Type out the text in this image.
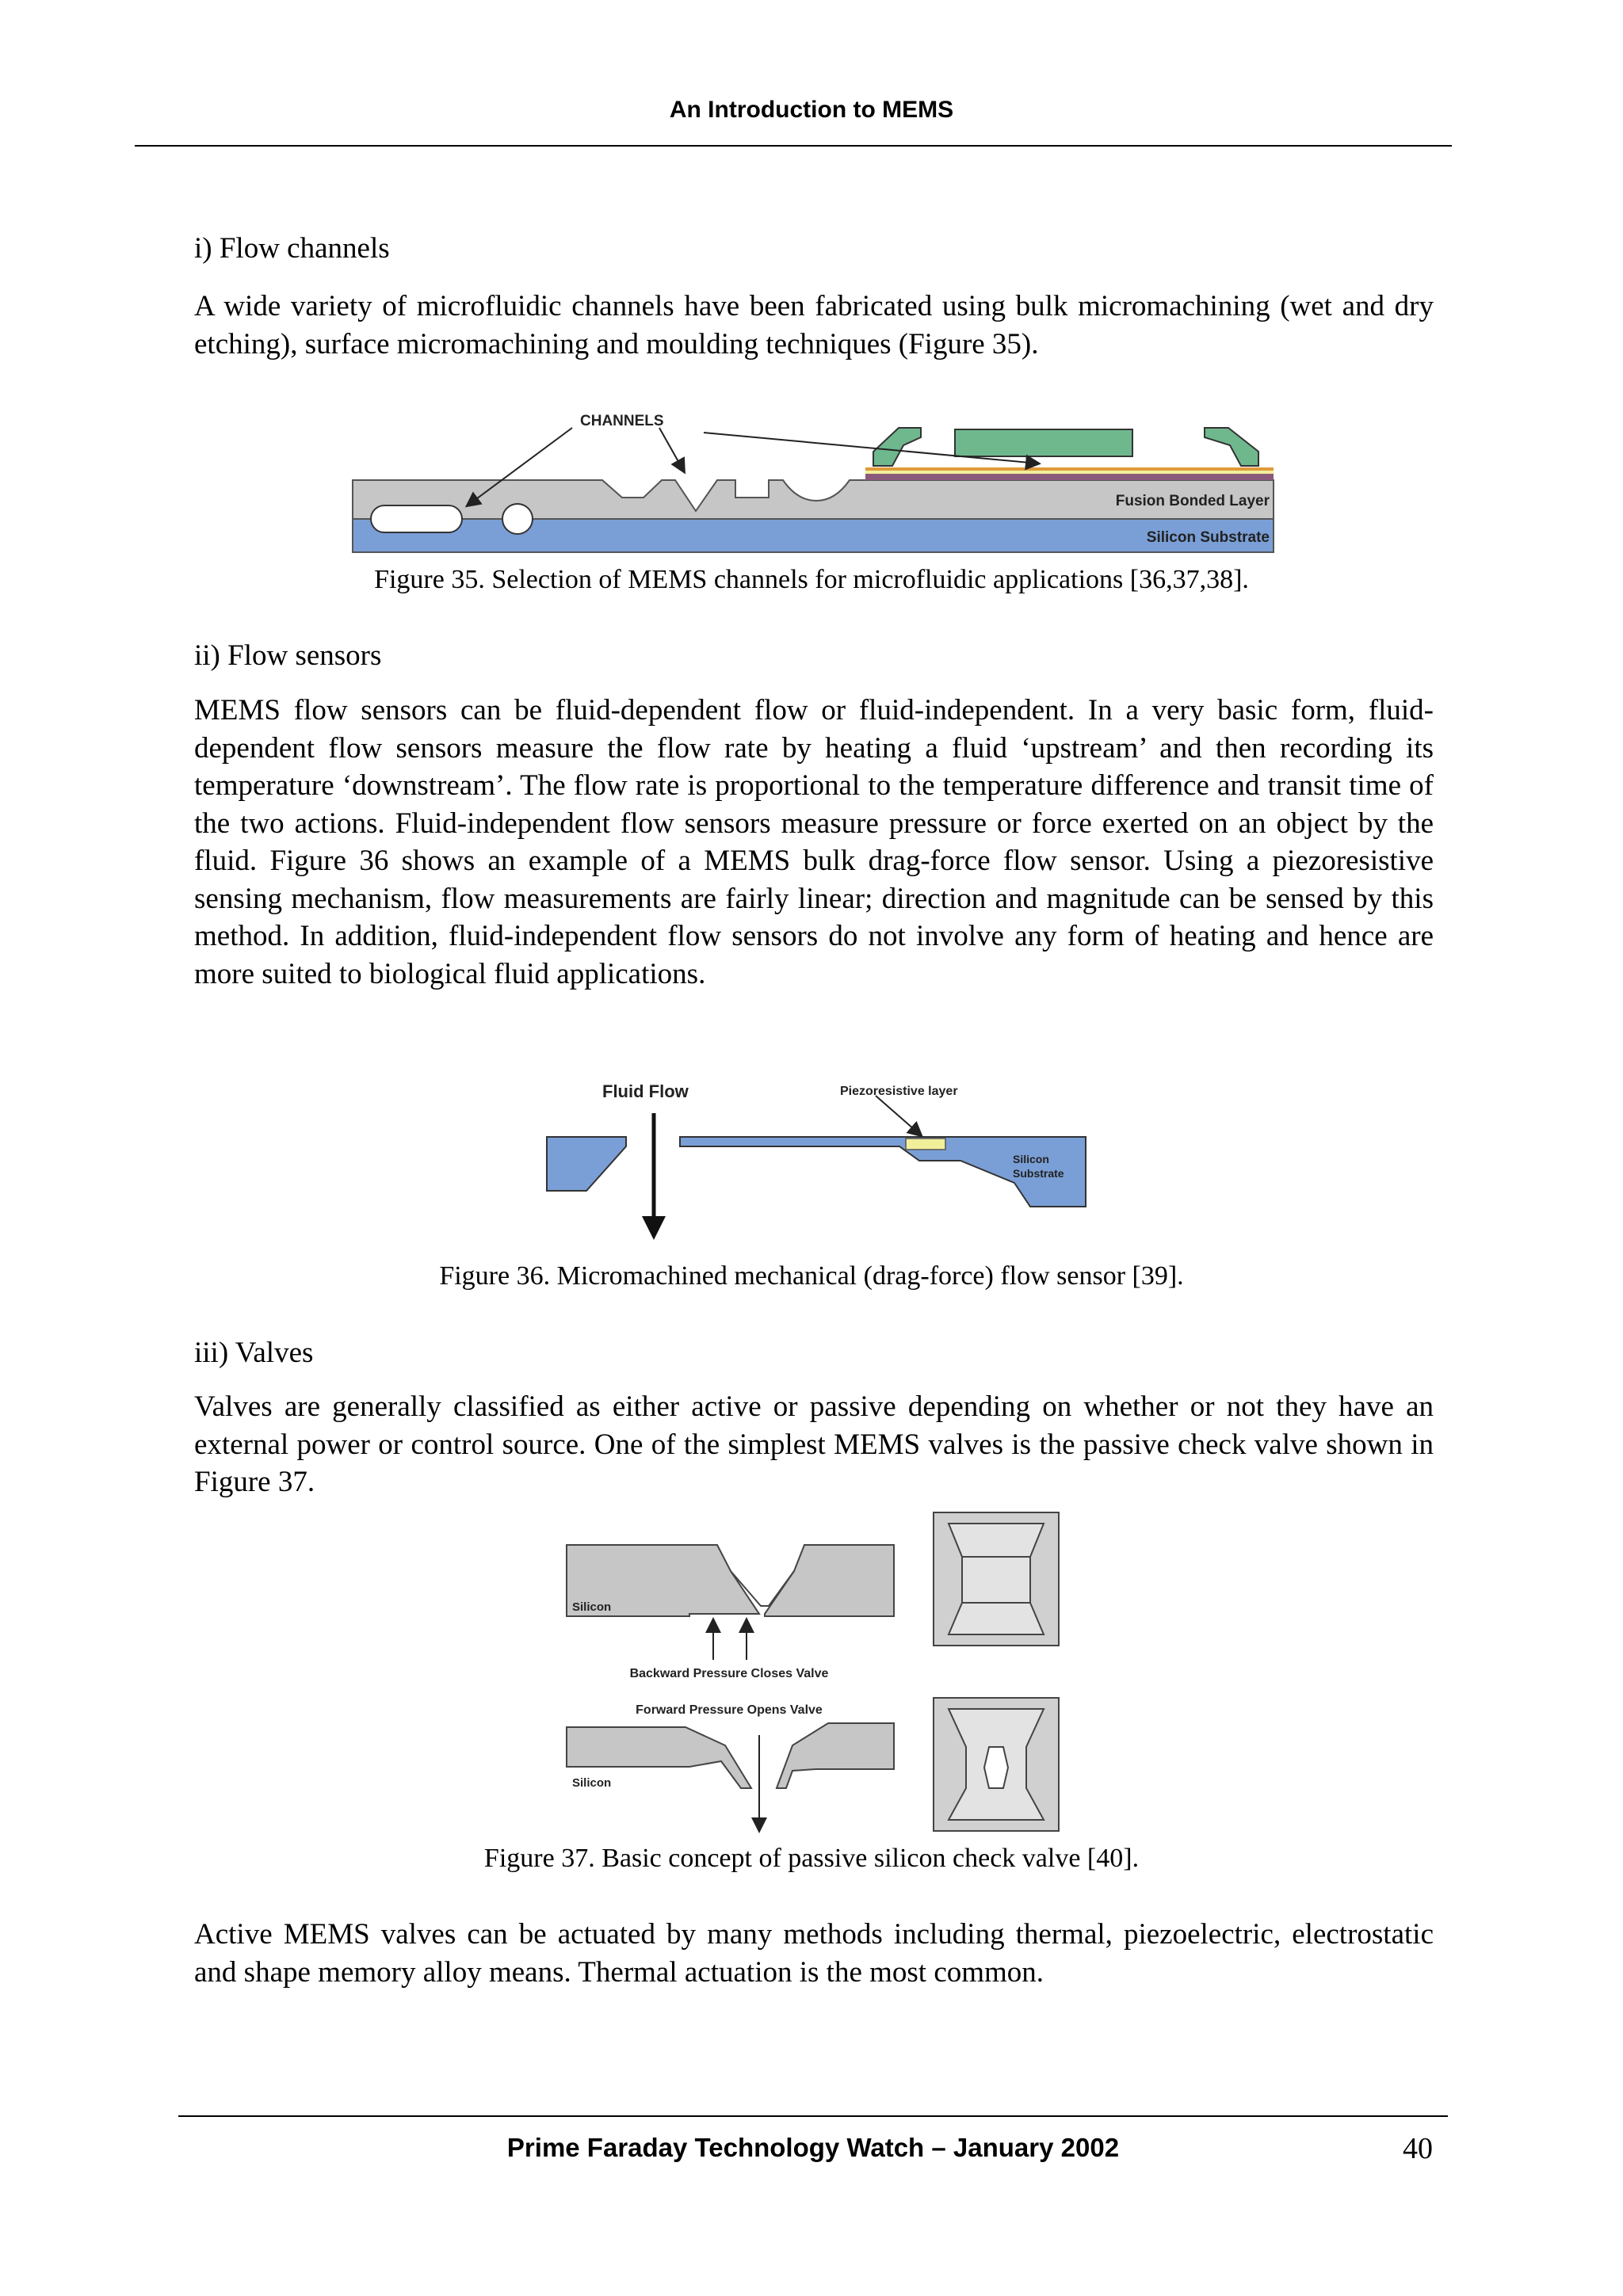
An Introduction to MEMS
i) Flow channels
A wide variety of microfluidic channels have been fabricated using bulk micromachining (wet and dry etching), surface micromachining and moulding techniques (Figure 35).
CHANNELS
Fusion Bonded Layer
Silicon Substrate
Figure 35. Selection of MEMS channels for microfluidic applications [36,37,38].
ii) Flow sensors
MEMS flow sensors can be fluid-dependent flow or fluid-independent. In a very basic form, fluid-dependent flow sensors measure the flow rate by heating a fluid ‘upstream’ and then recording its temperature ‘downstream’. The flow rate is proportional to the temperature difference and transit time of the two actions. Fluid-independent flow sensors measure pressure or force exerted on an object by the fluid. Figure 36 shows an example of a MEMS bulk drag-force flow sensor. Using a piezoresistive sensing mechanism, flow measurements are fairly linear; direction and magnitude can be sensed by this method. In addition, fluid-independent flow sensors do not involve any form of heating and hence are more suited to biological fluid applications.
Fluid Flow	Piezoresistive layer
Silicon
Substrate
Figure 36. Micromachined mechanical (drag-force) flow sensor [39].
iii) Valves
Valves are generally classified as either active or passive depending on whether or not they have an external power or control source. One of the simplest MEMS valves is the passive check valve shown in Figure 37.
Silicon
Backward Pressure Closes Valve
Forward Pressure Opens Valve
Silicon
Figure 37. Basic concept of passive silicon check valve [40].
Active MEMS valves can be actuated by many methods including thermal, piezoelectric, electrostatic and shape memory alloy means. Thermal actuation is the most common.
Prime Faraday Technology Watch – January 2002	40
